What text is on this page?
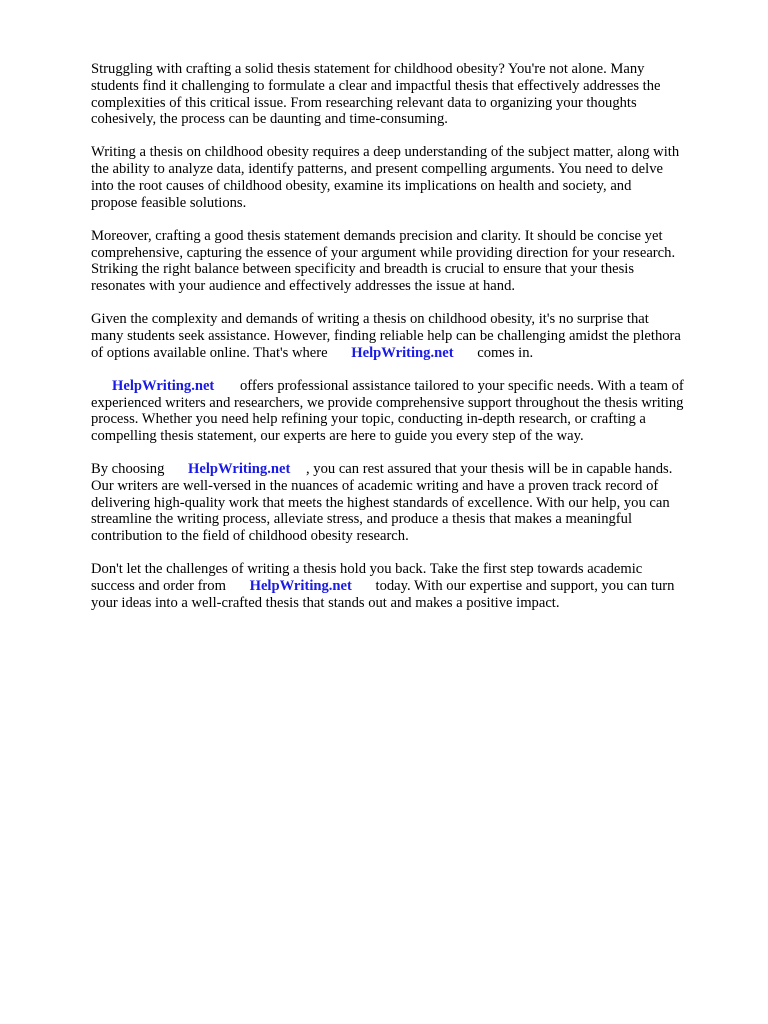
Struggling with crafting a solid thesis statement for childhood obesity? You're not alone. Many
students find it challenging to formulate a clear and impactful thesis that effectively addresses the
complexities of this critical issue. From researching relevant data to organizing your thoughts
cohesively, the process can be daunting and time-consuming.

Writing a thesis on childhood obesity requires a deep understanding of the subject matter, along with
the ability to analyze data, identify patterns, and present compelling arguments. You need to delve
into the root causes of childhood obesity, examine its implications on health and society, and
propose feasible solutions.

Moreover, crafting a good thesis statement demands precision and clarity. It should be concise yet
comprehensive, capturing the essence of your argument while providing direction for your research.
Striking the right balance between specificity and breadth is crucial to ensure that your thesis
resonates with your audience and effectively addresses the issue at hand.

Given the complexity and demands of writing a thesis on childhood obesity, it's no surprise that
many students seek assistance. However, finding reliable help can be challenging amidst the plethora
of options available online. That's where HelpWriting.net comes in.

HelpWriting.net offers professional assistance tailored to your specific needs. With a team of
experienced writers and researchers, we provide comprehensive support throughout the thesis writing
process. Whether you need help refining your topic, conducting in-depth research, or crafting a
compelling thesis statement, our experts are here to guide you every step of the way.

By choosing HelpWriting.net , you can rest assured that your thesis will be in capable hands.
Our writers are well-versed in the nuances of academic writing and have a proven track record of
delivering high-quality work that meets the highest standards of excellence. With our help, you can
streamline the writing process, alleviate stress, and produce a thesis that makes a meaningful
contribution to the field of childhood obesity research.

Don't let the challenges of writing a thesis hold you back. Take the first step towards academic
success and order from HelpWriting.net today. With our expertise and support, you can turn
your ideas into a well-crafted thesis that stands out and makes a positive impact.
